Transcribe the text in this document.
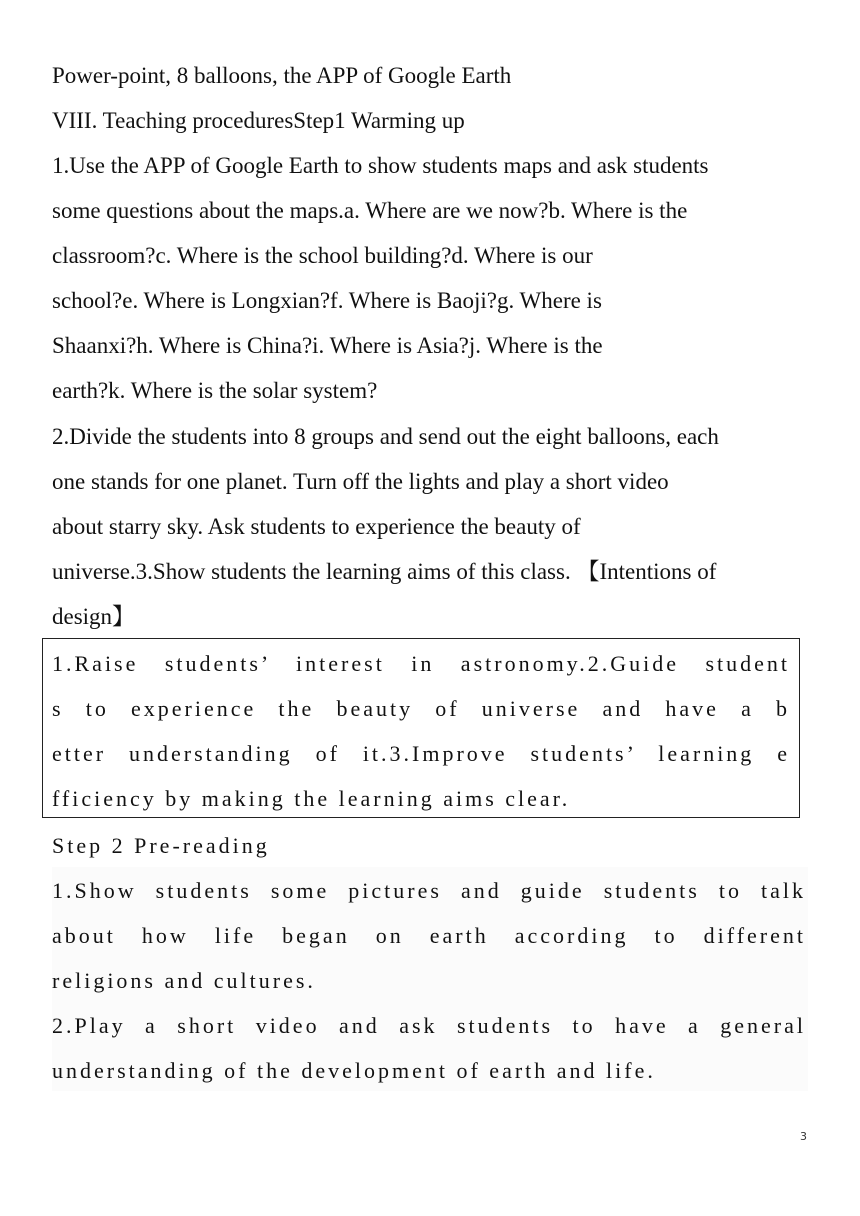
Power-point, 8 balloons, the APP of Google Earth

VIII. Teaching proceduresStep1 Warming up

1.Use the APP of Google Earth to show students maps and ask students

some questions about the maps.a. Where are we now?b. Where is the

classroom?c. Where is the school building?d. Where is our

school?e. Where is Longxian?f. Where is Baoji?g. Where is

Shaanxi?h. Where is China?i. Where is Asia?j. Where is the

earth?k. Where is the solar system?

2.Divide the students into 8 groups and send out the eight balloons, each

one stands for one planet. Turn off the lights and play a short video

about starry sky. Ask students to experience the beauty of

universe.3.Show students the learning aims of this class. 【Intentions of

design】

1.Raise students’ interest in astronomy.2.Guide student

s to experience the beauty of universe and have a b

etter understanding of it.3.Improve students’ learning e

fficiency by making the learning aims clear.

Step 2 Pre-reading

1.Show students some pictures and guide students to talk

about how life began on earth according to different

religions and cultures.

2.Play a short video and ask students to have a general

understanding of the development of earth and life.

3
